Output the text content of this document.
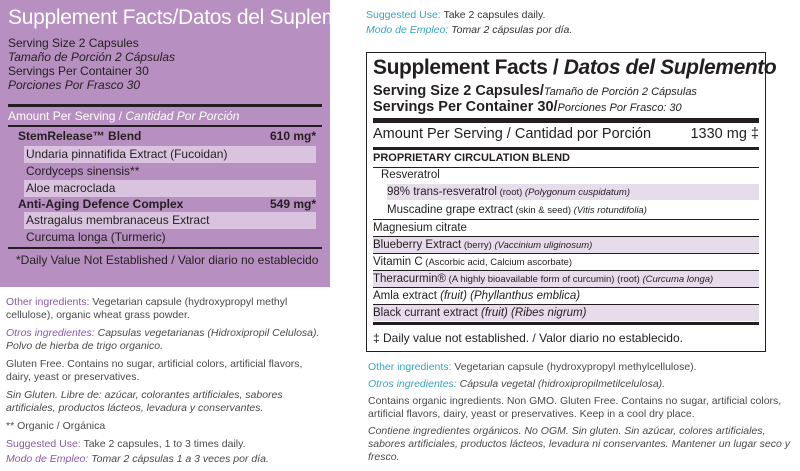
Supplement Facts/Datos del Suplemento
Serving Size 2 Capsules
Tamaño de Porción 2 Cápsulas
Servings Per Container 30
Porciones Por Frasco 30
Amount Per Serving / Cantidad Por Porción
StemRelease™ Blend	610 mg*
Undaria pinnatifida Extract (Fucoidan)
Cordyceps sinensis**
Aloe macroclada
Anti-Aging Defence Complex	549 mg*
Astragalus membranaceus Extract
Curcuma longa (Turmeric)
*Daily Value Not Established / Valor diario no establecido

Other ingredients: Vegetarian capsule (hydroxypropyl methyl cellulose), organic wheat grass powder.

Otros ingredientes: Capsulas vegetarianas (Hidroxipropil Celulosa). Polvo de hierba de trigo organico.

Gluten Free. Contains no sugar, artificial colors, artificial flavors, dairy, yeast or preservatives.

Sin Gluten. Libre de: azúcar, colorantes artificiales, sabores artificiales, productos lácteos, levadura y conservantes.

** Organic / Orgánica

Suggested Use: Take 2 capsules, 1 to 3 times daily.

Modo de Empleo: Tomar 2 cápsulas 1 a 3 veces por día.

Suggested Use: Take 2 capsules daily.
Modo de Empleo: Tomar 2 cápsulas por día.
Supplement Facts / Datos del Suplemento
Serving Size 2 Capsules/Tamaño de Porción 2 Cápsulas
Servings Per Container 30/Porciones Por Frasco: 30
Amount Per Serving / Cantidad por Porción	1330 mg ‡
PROPRIETARY CIRCULATION BLEND
Resveratrol
98% trans-resveratrol (root) (Polygonum cuspidatum)
Muscadine grape extract (skin & seed) (Vitis rotundifolia)
Magnesium citrate
Blueberry Extract (berry) (Vaccinium uliginosum)
Vitamin C (Ascorbic acid, Calcium ascorbate)
Theracurmin® (A highly bioavailable form of curcumin) (root) (Curcuma longa)
Amla extract (fruit) (Phyllanthus emblica)
Black currant extract (fruit) (Ribes nigrum)
‡ Daily value not established. / Valor diario no establecido.

Other ingredients: Vegetarian capsule (hydroxypropyl methylcellulose).

Otros ingredientes: Cápsula vegetal (hidroxipropilmetilcelulosa).

Contains organic ingredients. Non GMO. Gluten Free. Contains no sugar, artificial colors, artificial flavors, dairy, yeast or preservatives. Keep in a cool dry place.

Contiene ingredientes orgánicos. No OGM. Sin gluten. Sin azúcar, colores artificiales, sabores artificiales, productos lácteos, levadura ni conservantes. Mantener un lugar seco y fresco.
